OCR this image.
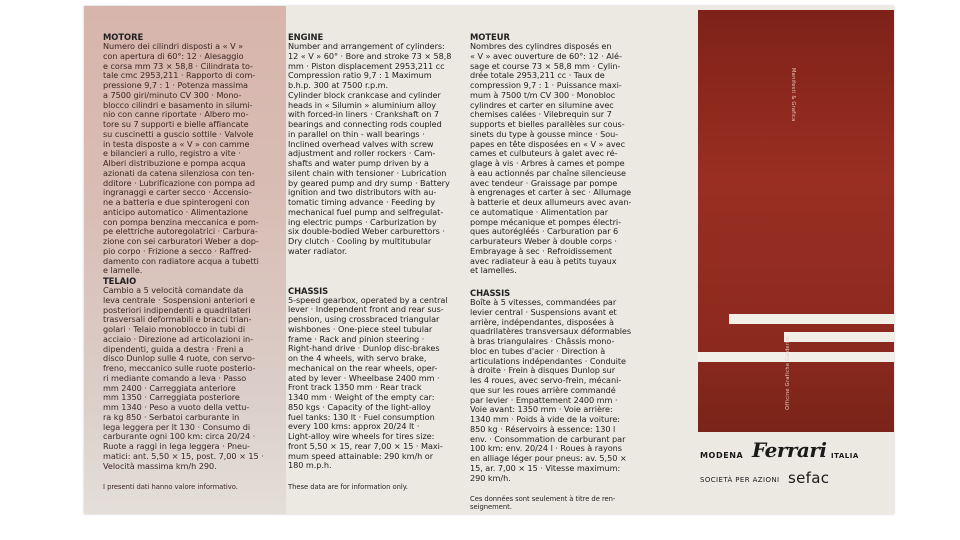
MOTORE

Numero dei cilindri disposti a « V »
con apertura di 60°: 12 · Alesaggio
e corsa mm 73 × 58,8 · Cilindrata to-
tale cmc 2953,211 · Rapporto di com-
pressione 9,7 : 1 · Potenza massima
a 7500 giri/minuto CV 300 · Mono-
blocco cilindri e basamento in silumi-
nio con canne riportate · Albero mo-
tore su 7 supporti e bielle affiancate
su cuscinetti a guscio sottile · Valvole
in testa disposte a « V » con camme
e bilancieri a rullo, registro a vite ·
Alberi distribuzione e pompa acqua
azionati da catena silenziosa con ten-
dditore · Lubrificazione con pompa ad
ingranaggi e carter secco · Accensio-
ne a batteria e due spinterogeni con
anticipo automatico · Alimentazione
con pompa benzina meccanica e pom-
pe elettriche autoregolatrici · Carbura-
zione con sei carburatori Weber a dop-
pio corpo · Frizione a secco · Raffred-
damento con radiatore acqua a tubetti
e lamelle.

TELAIO

Cambio a 5 velocità comandate da
leva centrale · Sospensioni anteriori e
posteriori indipendenti a quadrilateri
trasversali deformabili e bracci trian-
golari · Telaio monoblocco in tubi di
acciaio · Direzione ad articolazioni in-
dipendenti, guida a destra · Freni a
disco Dunlop sulle 4 ruote, con servo-
freno, meccanico sulle ruote posterio-
ri mediante comando a leva · Passo
mm 2400 · Carreggiata anteriore
mm 1350 · Carreggiata posteriore
mm 1340 · Peso a vuoto della vettu-
ra kg 850 · Serbatoi carburante in
lega leggera per lt 130 · Consumo di
carburante ogni 100 km: circa 20/24 ·
Ruote a raggi in lega leggera · Pneu-
matici: ant. 5,50 × 15, post. 7,00 × 15 ·
Velocità massima km/h 290.

I presenti dati hanno valore informativo.

ENGINE

Number and arrangement of cylinders:
12 « V » 60° · Bore and stroke 73 × 58,8
mm · Piston displacement 2953,211 cc
Compression ratio 9,7 : 1 Maximum
b.h.p. 300 at 7500 r.p.m.
Cylinder block crankcase and cylinder
heads in « Silumin » aluminium alloy
with forced-in liners · Crankshaft on 7
bearings and connecting rods coupled
in parallel on thin - wall bearings ·
Inclined overhead valves with screw
adjustment and roller rockers · Cam-
shafts and water pump driven by a
silent chain with tensioner · Lubrication
by geared pump and dry sump · Battery
ignition and two distributors with au-
tomatic timing advance · Feeding by
mechanical fuel pump and selfregulat-
ing electric pumps · Carburization by
six double-bodied Weber carburettors ·
Dry clutch · Cooling by multitubular
water radiator.

CHASSIS

5-speed gearbox, operated by a central
lever · Independent front and rear sus-
pension, using crossbraced triangular
wishbones · One-piece steel tubular
frame · Rack and pinion steering ·
Right-hand drive · Dunlop disc-brakes
on the 4 wheels, with servo brake,
mechanical on the rear wheels, oper-
ated by lever · Wheelbase 2400 mm ·
Front track 1350 mm · Rear track
1340 mm · Weight of the empty car:
850 kgs · Capacity of the light-alloy
fuel tanks: 130 lt · Fuel consumption
every 100 kms: approx 20/24 lt ·
Light-alloy wire wheels for tires size:
front 5,50 × 15, rear 7,00 × 15 · Maxi-
mum speed attainable: 290 km/h or
180 m.p.h.

These data are for information only.

MOTEUR

Nombres des cylindres disposés en
« V » avec ouverture de 60°: 12 · Alé-
sage et course 73 × 58,8 mm · Cylin-
drée totale 2953,211 cc · Taux de
compression 9,7 : 1 · Puissance maxi-
mum à 7500 t/m CV 300 · Monobloc
cylindres et carter en silumine avec
chemises calées · Vilebrequin sur 7
supports et bielles parallèles sur cous-
sinets du type à gousse mince · Sou-
papes en tête disposées en « V » avec
cames et culbuteurs à galet avec ré-
glage à vis · Arbres à cames et pompe
à eau actionnés par chaîne silencieuse
avec tendeur · Graissage par pompe
à engrenages et carter à sec · Allumage
à batterie et deux allumeurs avec avan-
ce automatique · Alimentation par
pompe mécanique et pompes électri-
ques autorégléés · Carburation par 6
carburateurs Weber à double corps ·
Embrayage à sec · Refroidissement
avec radiateur à eau à petits tuyaux
et lamelles.

CHASSIS

Boîte à 5 vitesses, commandées par
levier central · Suspensions avant et
arrière, indépendantes, disposées à
quadrilatères transversaux déformables
à bras triangulaires · Châssis mono-
bloc en tubes d'acier · Direction à
articulations indépendantes · Conduite
à droite · Frein à disques Dunlop sur
les 4 roues, avec servo-frein, mécani-
que sur les roues arrière commandé
par levier · Empattement 2400 mm ·
Voie avant: 1350 mm · Voie arrière:
1340 mm · Poids à vide de la voiture:
850 kg · Réservoirs à essence: 130 l
env. · Consommation de carburant par
100 km: env. 20/24 l · Roues à rayons
en alliage léger pour pneus: av. 5,50 ×
15, ar. 7,00 × 15 · Vitesse maximum:
290 km/h.

Ces données sont seulement à titre de ren-
seignement.

Manifesti & Grafica
Officine Grafiche Calderini
MODENA Ferrari ITALIA
SOCIETÀ PER AZIONI sefac
